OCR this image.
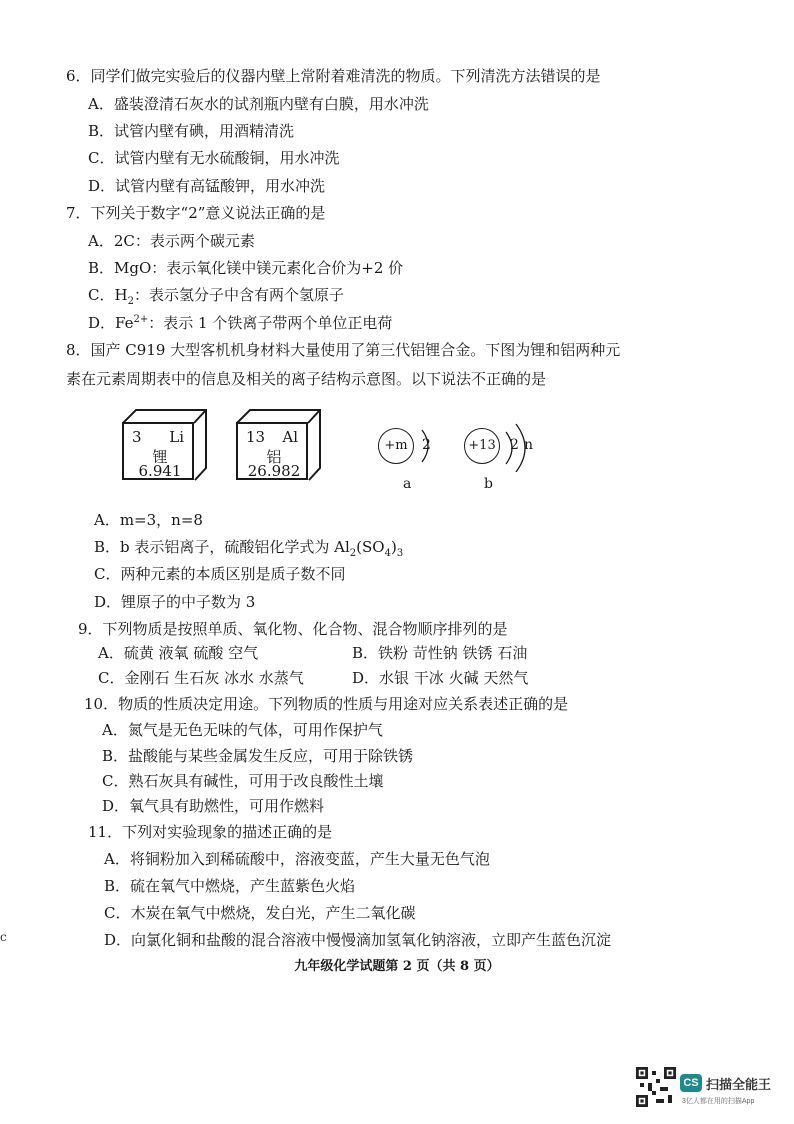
6．同学们做完实验后的仪器内壁上常附着难清洗的物质。下列清洗方法错误的是
A．盛装澄清石灰水的试剂瓶内壁有白膜，用水冲洗
B．试管内壁有碘，用酒精清洗
C．试管内壁有无水硫酸铜，用水冲洗
D．试管内壁有高锰酸钾，用水冲洗
7．下列关于数字“2”意义说法正确的是
A．2C：表示两个碳元素
B．MgO：表示氧化镁中镁元素化合价为+2 价
C．$H_2$：表示氢分子中含有两个氢原子
D．$Fe^{2+}$：表示 1 个铁离子带两个单位正电荷
8．国产 C919 大型客机机身材料大量使用了第三代铝锂合金。下图为锂和铝两种元
素在元素周期表中的信息及相关的离子结构示意图。以下说法不正确的是
3 Li
锂
6.941
13 Al
铝
26.982
+m	2
a
+13	2 n
b
A．m=3，n=8
B．b 表示铝离子，硫酸铝化学式为 $Al_2(SO_4)_3$
C．两种元素的本质区别是质子数不同
D．锂原子的中子数为 3
9．下列物质是按照单质、氧化物、化合物、混合物顺序排列的是
A．硫黄 液氧 硫酸 空气	B．铁粉 苛性钠 铁锈 石油
C．金刚石 生石灰 冰水 水蒸气	D．水银 干冰 火碱 天然气
10．物质的性质决定用途。下列物质的性质与用途对应关系表述正确的是
A．氮气是无色无味的气体，可用作保护气
B．盐酸能与某些金属发生反应，可用于除铁锈
C．熟石灰具有碱性，可用于改良酸性土壤
D．氧气具有助燃性，可用作燃料
11．下列对实验现象的描述正确的是
A．将铜粉加入到稀硫酸中，溶液变蓝，产生大量无色气泡
B．硫在氧气中燃烧，产生蓝紫色火焰
C．木炭在氧气中燃烧，发白光，产生二氧化碳
D．向氯化铜和盐酸的混合溶液中慢慢滴加氢氧化钠溶液，立即产生蓝色沉淀
c
九年级化学试题第 2 页（共 8 页）
CS 扫描全能王
3亿人都在用的扫描App
